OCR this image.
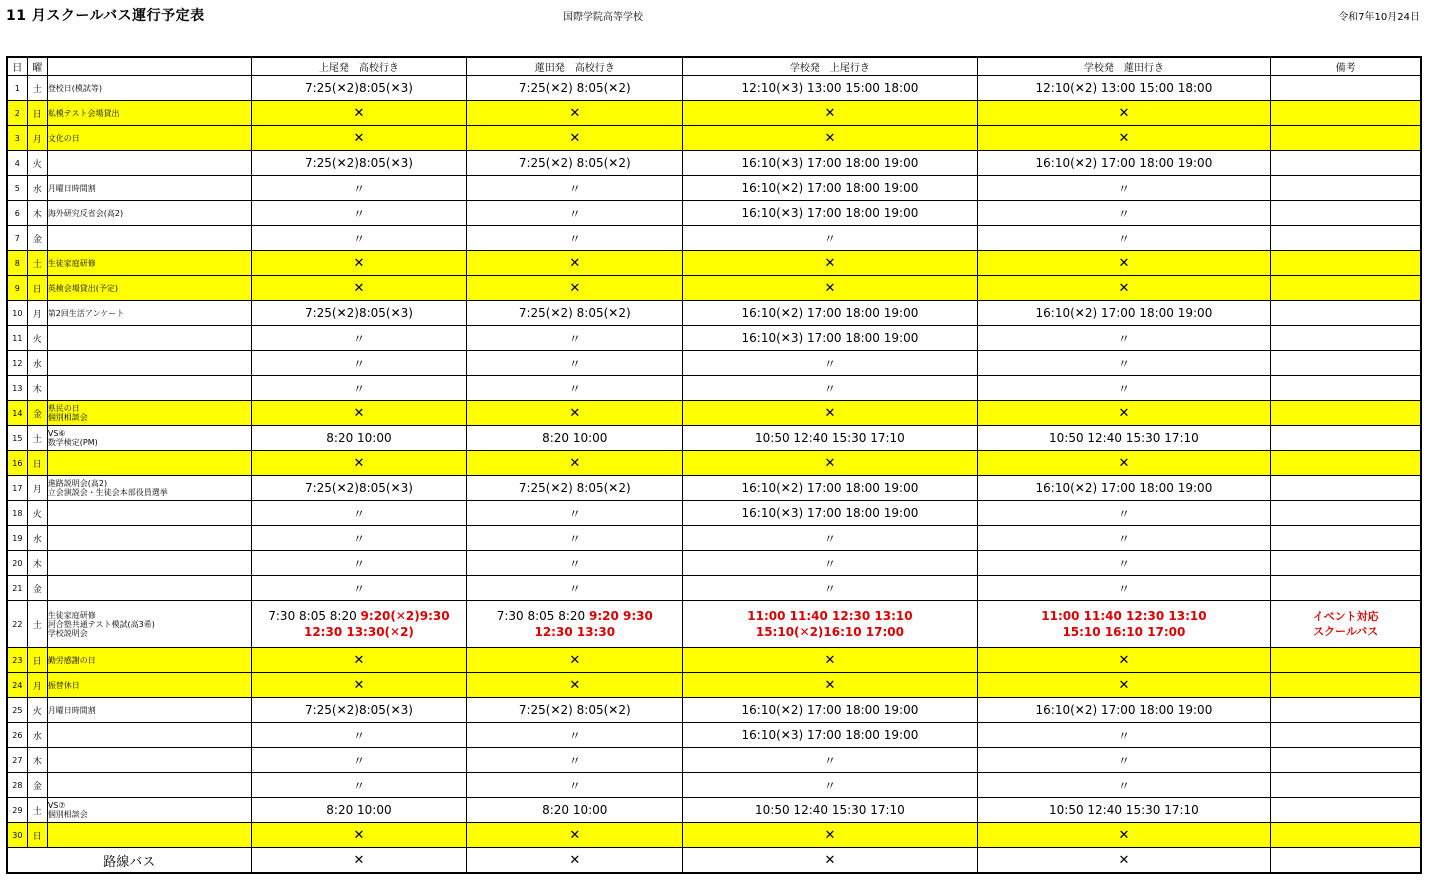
11 月スクールバス運行予定表	国際学院高等学校	令和7年10月24日
日	曜		上尾発　高校行き	蓮田発　高校行き	学校発　上尾行き	学校発　蓮田行き	備考
1	土	登校日(模試等)	7:25(✕2)8:05(✕3)	7:25(✕2) 8:05(✕2)	12:10(✕3) 13:00 15:00 18:00	12:10(✕2) 13:00 15:00 18:00	
2	日	私模テスト会場貸出	✕	✕	✕	✕	
3	月	文化の日	✕	✕	✕	✕	
4	火		7:25(✕2)8:05(✕3)	7:25(✕2) 8:05(✕2)	16:10(✕3) 17:00 18:00 19:00	16:10(✕2) 17:00 18:00 19:00	
5	水	月曜日時間割	〃	〃	16:10(✕2) 17:00 18:00 19:00	〃	
6	木	海外研究反省会(高2)	〃	〃	16:10(✕3) 17:00 18:00 19:00	〃	
7	金		〃	〃	〃	〃	
8	土	生徒家庭研修	✕	✕	✕	✕	
9	日	英検会場貸出(予定)	✕	✕	✕	✕	
10	月	第2回生活アンケート	7:25(✕2)8:05(✕3)	7:25(✕2) 8:05(✕2)	16:10(✕2) 17:00 18:00 19:00	16:10(✕2) 17:00 18:00 19:00	
11	火		〃	〃	16:10(✕3) 17:00 18:00 19:00	〃	
12	水		〃	〃	〃	〃	
13	木		〃	〃	〃	〃	
14	金	県民の日
個別相談会	✕	✕	✕	✕	
15	土	VS⑥
数学検定(PM)	8:20 10:00	8:20 10:00	10:50 12:40 15:30 17:10	10:50 12:40 15:30 17:10	
16	日		✕	✕	✕	✕	
17	月	進路説明会(高2)
立会演説会・生徒会本部役員選挙	7:25(✕2)8:05(✕3)	7:25(✕2) 8:05(✕2)	16:10(✕2) 17:00 18:00 19:00	16:10(✕2) 17:00 18:00 19:00	
18	火		〃	〃	16:10(✕3) 17:00 18:00 19:00	〃	
19	水		〃	〃	〃	〃	
20	木		〃	〃	〃	〃	
21	金		〃	〃	〃	〃	
22	土	生徒家庭研修
河合塾共通テスト模試(高3希)
学校説明会	7:30 8:05 8:20 9:20(✕2)9:30
12:30 13:30(✕2)	7:30 8:05 8:20 9:20 9:30
12:30 13:30	11:00 11:40 12:30 13:10
15:10(✕2)16:10 17:00	11:00 11:40 12:30 13:10
15:10 16:10 17:00	イベント対応
スクールバス
23	日	勤労感謝の日	✕	✕	✕	✕	
24	月	振替休日	✕	✕	✕	✕	
25	火	月曜日時間割	7:25(✕2)8:05(✕3)	7:25(✕2) 8:05(✕2)	16:10(✕2) 17:00 18:00 19:00	16:10(✕2) 17:00 18:00 19:00	
26	水		〃	〃	16:10(✕3) 17:00 18:00 19:00	〃	
27	木		〃	〃	〃	〃	
28	金		〃	〃	〃	〃	
29	土	VS⑦
個別相談会	8:20 10:00	8:20 10:00	10:50 12:40 15:30 17:10	10:50 12:40 15:30 17:10	
30	日		✕	✕	✕	✕	
路線バス			✕	✕	✕	✕	
